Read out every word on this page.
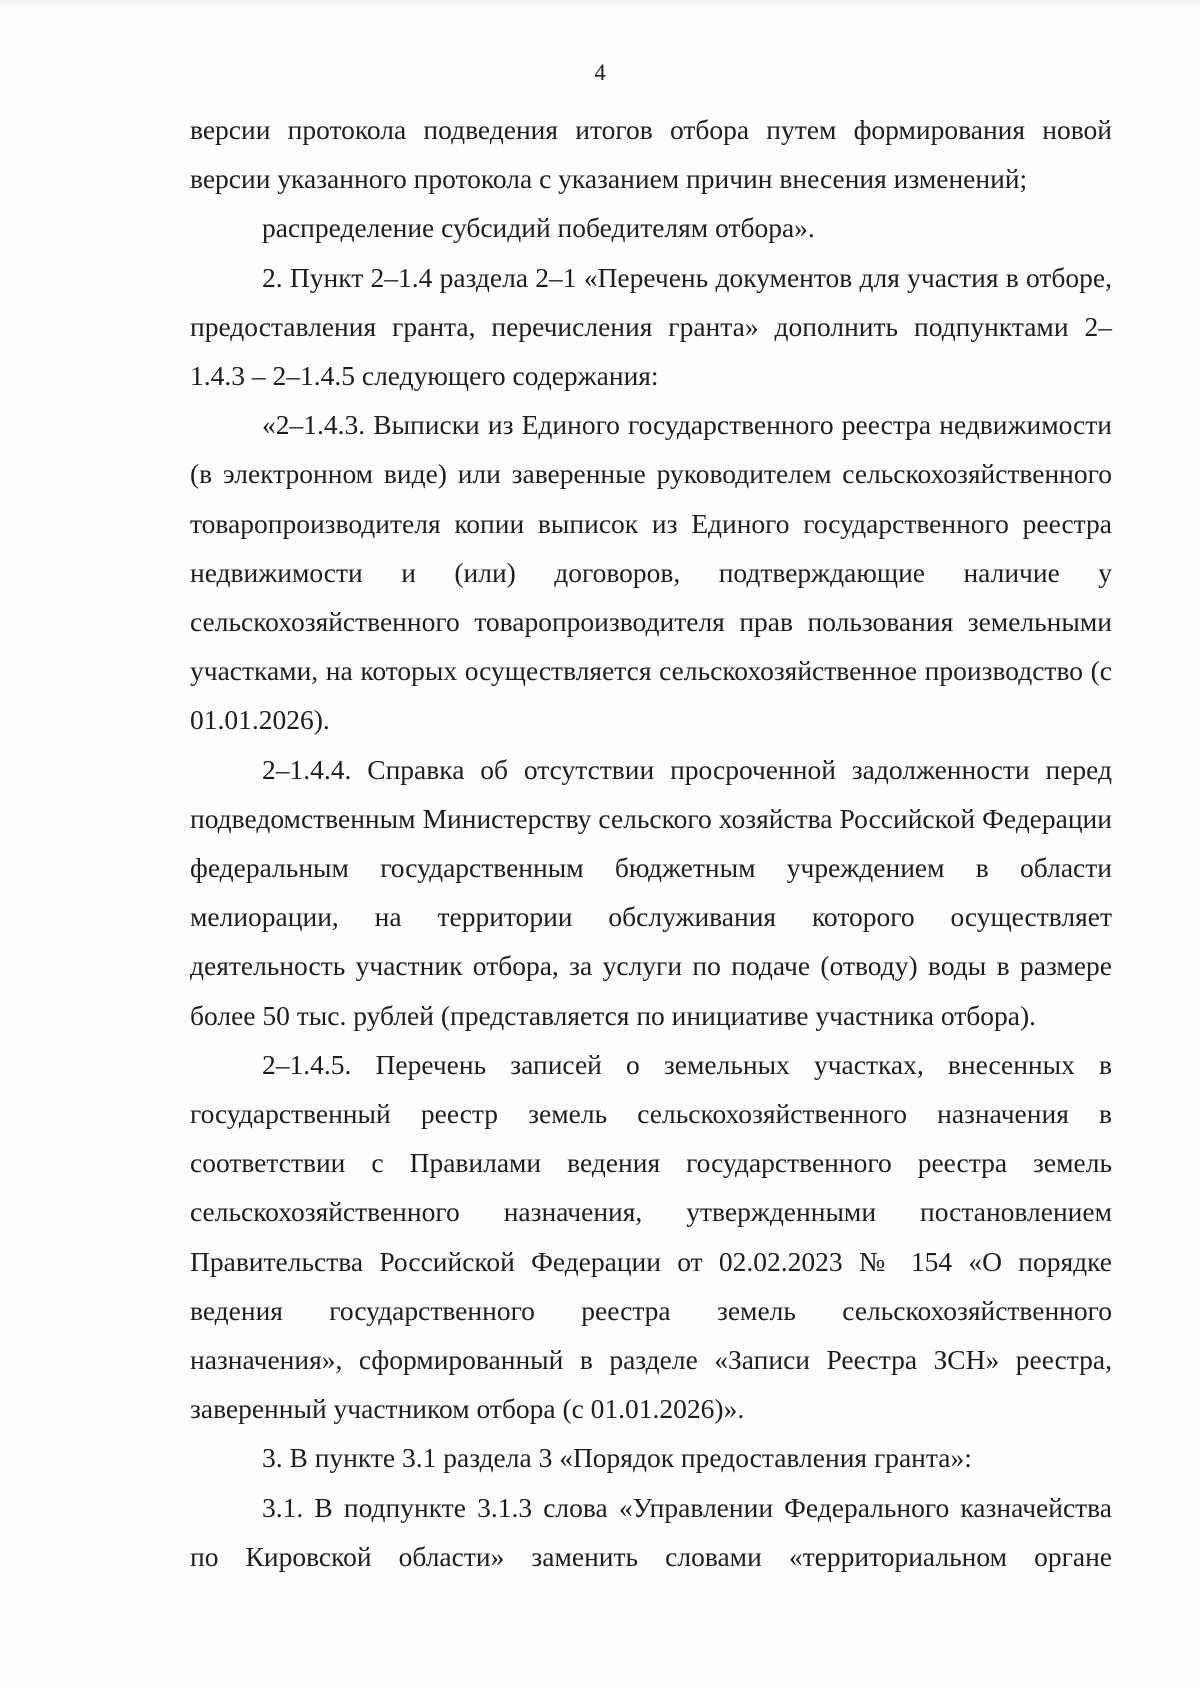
4

версии протокола подведения итогов отбора путем формирования новой версии указанного протокола с указанием причин внесения изменений;

распределение субсидий победителям отбора».

2. Пункт 2–1.4 раздела 2–1 «Перечень документов для участия в отборе, предоставления гранта, перечисления гранта» дополнить подпунктами 2–1.4.3 – 2–1.4.5 следующего содержания:

«2–1.4.3. Выписки из Единого государственного реестра недвижимости (в электронном виде) или заверенные руководителем сельскохозяйственного товаропроизводителя копии выписок из Единого государственного реестра недвижимости и (или) договоров, подтверждающие наличие у сельскохозяйственного товаропроизводителя прав пользования земельными участками, на которых осуществляется сельскохозяйственное производство (с 01.01.2026).

2–1.4.4. Справка об отсутствии просроченной задолженности перед подведомственным Министерству сельского хозяйства Российской Федерации федеральным государственным бюджетным учреждением в области мелиорации, на территории обслуживания которого осуществляет деятельность участник отбора, за услуги по подаче (отводу) воды в размере более 50 тыс. рублей (представляется по инициативе участника отбора).

2–1.4.5. Перечень записей о земельных участках, внесенных в государственный реестр земель сельскохозяйственного назначения в соответствии с Правилами ведения государственного реестра земель сельскохозяйственного назначения, утвержденными постановлением Правительства Российской Федерации от 02.02.2023 № 154 «О порядке ведения государственного реестра земель сельскохозяйственного назначения», сформированный в разделе «Записи Реестра ЗСН» реестра, заверенный участником отбора (с 01.01.2026)».

3. В пункте 3.1 раздела 3 «Порядок предоставления гранта»:

3.1. В подпункте 3.1.3 слова «Управлении Федерального казначейства по Кировской области» заменить словами «территориальном органе
